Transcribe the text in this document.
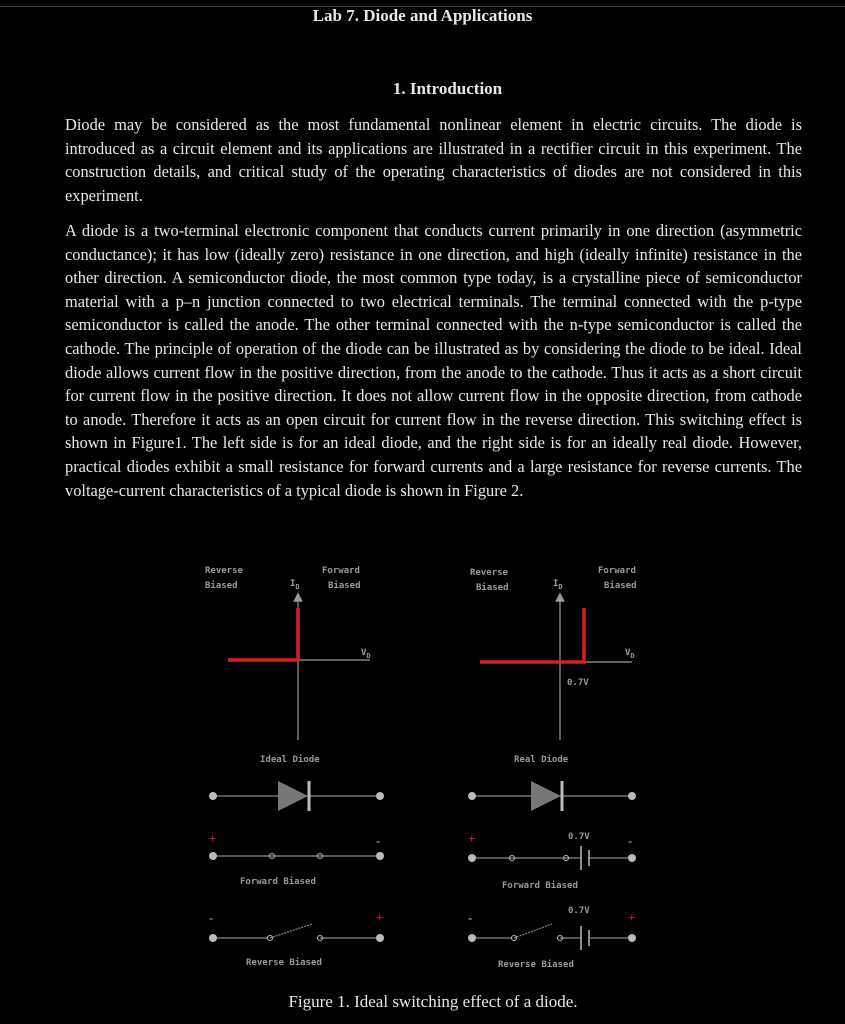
Lab 7. Diode and Applications
1. Introduction

Diode may be considered as the most fundamental nonlinear element in electric circuits. The diode is introduced as a circuit element and its applications are illustrated in a rectifier circuit in this experiment. The construction details, and critical study of the operating characteristics of diodes are not considered in this experiment.

A diode is a two-terminal electronic component that conducts current primarily in one direction (asymmetric conductance); it has low (ideally zero) resistance in one direction, and high (ideally infinite) resistance in the other direction. A semiconductor diode, the most common type today, is a crystalline piece of semiconductor material with a p–n junction connected to two electrical terminals. The terminal connected with the p-type semiconductor is called the anode. The other terminal connected with the n-type semiconductor is called the cathode. The principle of operation of the diode can be illustrated as by considering the diode to be ideal. Ideal diode allows current flow in the positive direction, from the anode to the cathode. Thus it acts as a short circuit for current flow in the positive direction. It does not allow current flow in the opposite direction, from cathode to anode. Therefore it acts as an open circuit for current flow in the reverse direction. This switching effect is shown in Figure1. The left side is for an ideal diode, and the right side is for an ideally real diode. However, practical diodes exhibit a small resistance for forward currents and a large resistance for reverse currents. The voltage-current characteristics of a typical diode is shown in Figure 2.

Reverse
Biased
Forward
Biased
$I_D$
$V_D$
Ideal Diode
+	-
Forward Biased
-	+
Reverse Biased
Reverse
Biased
Forward
Biased
$I_D$
$V_D$
0.7V
Real Diode
0.7V
+	-
Forward Biased
0.7V
-	+
Reverse Biased
Figure 1. Ideal switching effect of a diode.
